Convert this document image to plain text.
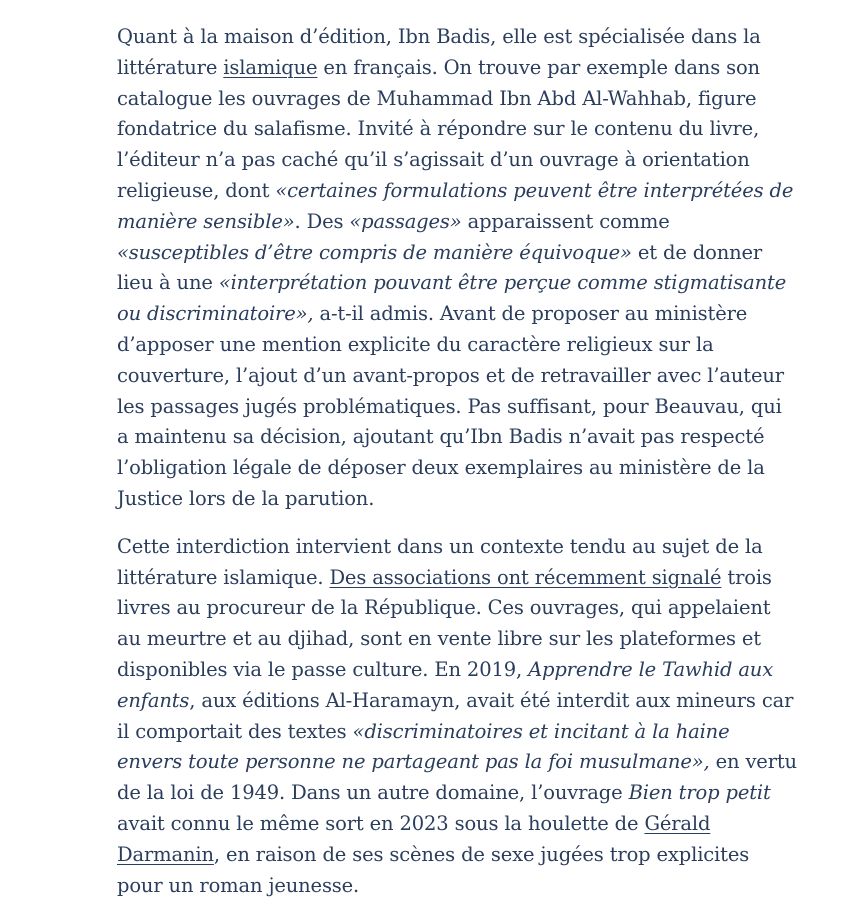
Quant à la maison d’édition, Ibn Badis, elle est spécialisée dans la littérature islamique en français. On trouve par exemple dans son catalogue les ouvrages de Muhammad Ibn Abd Al-Wahhab, figure fondatrice du salafisme. Invité à répondre sur le contenu du livre, l’éditeur n’a pas caché qu’il s’agissait d’un ouvrage à orientation religieuse, dont «certaines formulations peuvent être interprétées de manière sensible». Des «passages» apparaissent comme «susceptibles d’être compris de manière équivoque» et de donner lieu à une «interprétation pouvant être perçue comme stigmatisante ou discriminatoire», a-t-il admis. Avant de proposer au ministère d’apposer une mention explicite du caractère religieux sur la couverture, l’ajout d’un avant-propos et de retravailler avec l’auteur les passages jugés problématiques. Pas suffisant, pour Beauvau, qui a maintenu sa décision, ajoutant qu’Ibn Badis n’avait pas respecté l’obligation légale de déposer deux exemplaires au ministère de la Justice lors de la parution.

Cette interdiction intervient dans un contexte tendu au sujet de la littérature islamique. Des associations ont récemment signalé trois livres au procureur de la République. Ces ouvrages, qui appelaient au meurtre et au djihad, sont en vente libre sur les plateformes et disponibles via le passe culture. En 2019, Apprendre le Tawhid aux enfants, aux éditions Al-Haramayn, avait été interdit aux mineurs car il comportait des textes «discriminatoires et incitant à la haine envers toute personne ne partageant pas la foi musulmane», en vertu de la loi de 1949. Dans un autre domaine, l’ouvrage Bien trop petit avait connu le même sort en 2023 sous la houlette de Gérald Darmanin, en raison de ses scènes de sexe jugées trop explicites pour un roman jeunesse.
